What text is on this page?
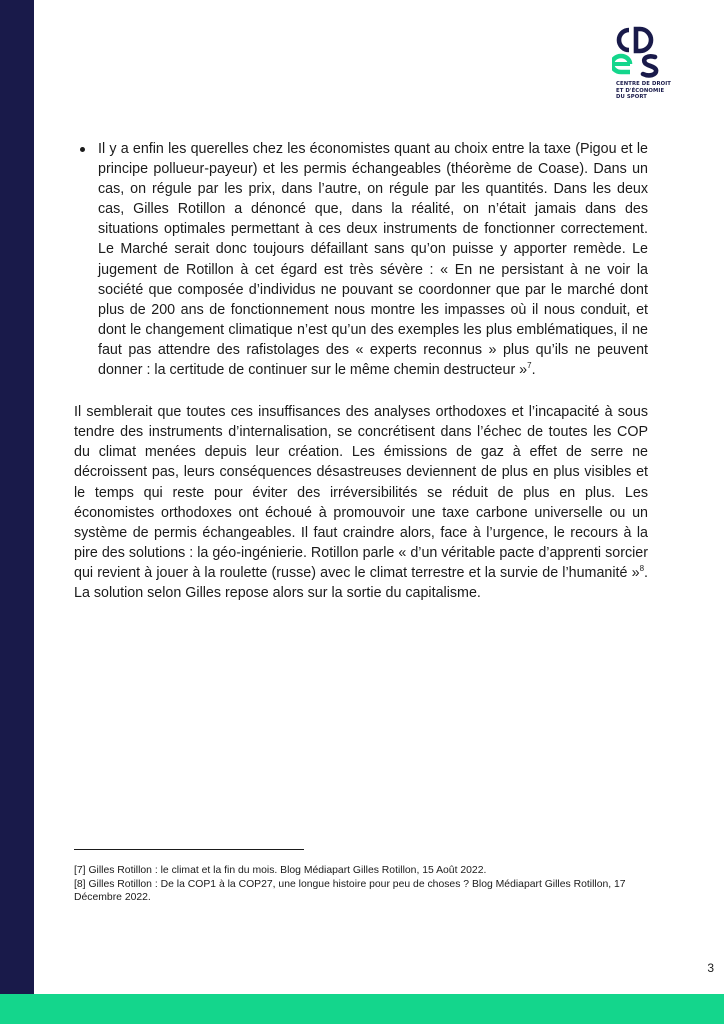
CENTRE DE DROIT
ET D'ÉCONOMIE
DU SPORT

Il y a enfin les querelles chez les économistes quant au choix entre la taxe (Pigou et le principe pollueur-payeur) et les permis échangeables (théorème de Coase). Dans un cas, on régule par les prix, dans l’autre, on régule par les quantités. Dans les deux cas, Gilles Rotillon a dénoncé que, dans la réalité, on n’était jamais dans des situations optimales permettant à ces deux instruments de fonctionner correctement. Le Marché serait donc toujours défaillant sans qu’on puisse y apporter remède. Le jugement de Rotillon à cet égard est très sévère : « En ne persistant à ne voir la société que composée d’individus ne pouvant se coordonner que par le marché dont plus de 200 ans de fonctionnement nous montre les impasses où il nous conduit, et dont le changement climatique n’est qu’un des exemples les plus emblématiques, il ne faut pas attendre des rafistolages des « experts reconnus » plus qu’ils ne peuvent donner : la certitude de continuer sur le même chemin destructeur »$^7$.

Il semblerait que toutes ces insuffisances des analyses orthodoxes et l’incapacité à sous tendre des instruments d’internalisation, se concrétisent dans l’échec de toutes les COP du climat menées depuis leur création. Les émissions de gaz à effet de serre ne décroissent pas, leurs conséquences désastreuses deviennent de plus en plus visibles et le temps qui reste pour éviter des irréversibilités se réduit de plus en plus. Les économistes orthodoxes ont échoué à promouvoir une taxe carbone universelle ou un système de permis échangeables. Il faut craindre alors, face à l’urgence, le recours à la pire des solutions : la géo-ingénierie. Rotillon parle « d’un véritable pacte d’apprenti sorcier qui revient à jouer à la roulette (russe) avec le climat terrestre et la survie de l’humanité »$^8$. La solution selon Gilles repose alors sur la sortie du capitalisme.

[7] Gilles Rotillon : le climat et la fin du mois. Blog Médiapart Gilles Rotillon, 15 Août 2022.

[8] Gilles Rotillon : De la COP1 à la COP27, une longue histoire pour peu de choses ? Blog Médiapart Gilles Rotillon, 17 Décembre 2022.

3
